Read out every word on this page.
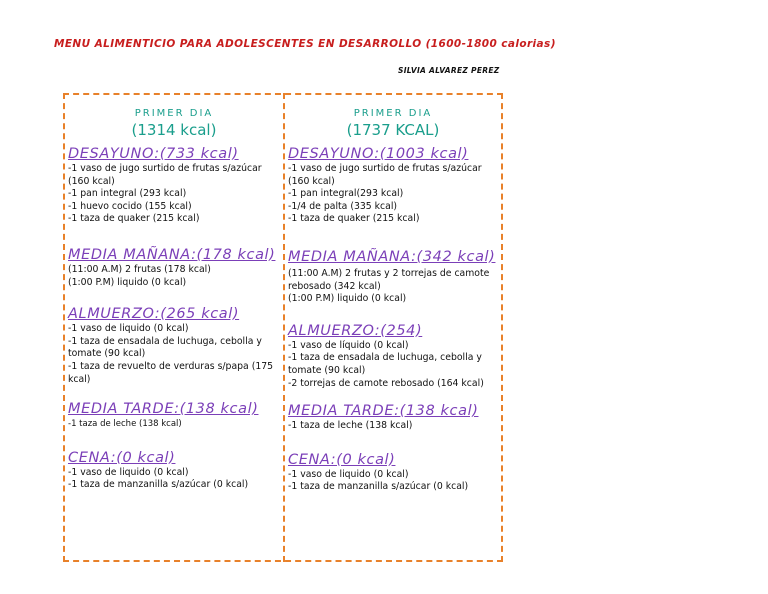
MENU ALIMENTICIO PARA ADOLESCENTES EN DESARROLLO (1600-1800 calorias)
SILVIA ALVAREZ PEREZ
PRIMER DIA
(1314 kcal)
DESAYUNO:(733 kcal)
-1 vaso de jugo surtido de frutas s/azúcar (160 kcal)
-1 pan integral (293 kcal)
-1 huevo cocido (155 kcal)
-1 taza de quaker (215 kcal)
MEDIA MAÑANA:(178 kcal)
(11:00 A.M) 2 frutas (178 kcal)
(1:00 P.M) liquido (0 kcal)
ALMUERZO:(265 kcal)
-1 vaso de liquido (0 kcal)
-1 taza de ensadala de luchuga, cebolla y tomate (90 kcal)
-1 taza de revuelto de verduras s/papa (175 kcal)
MEDIA TARDE:(138 kcal)
-1 taza de leche (138 kcal)
CENA:(0 kcal)
-1 vaso de liquido (0 kcal)
-1 taza de manzanilla s/azúcar (0 kcal)
PRIMER DIA
(1737 KCAL)
DESAYUNO:(1003 kcal)
-1 vaso de jugo surtido de frutas s/azúcar (160 kcal)
-1 pan integral(293 kcal)
-1/4 de palta (335 kcal)
-1 taza de quaker (215 kcal)
MEDIA MAÑANA:(342 kcal)
(11:00 A.M) 2 frutas y 2 torrejas de camote rebosado (342 kcal)
(1:00 P.M) liquido (0 kcal)
ALMUERZO:(254)
-1 vaso de líquido (0 kcal)
-1 taza de ensadala de luchuga, cebolla y tomate (90 kcal)
-2 torrejas de camote rebosado (164 kcal)
MEDIA TARDE:(138 kcal)
-1 taza de leche (138 kcal)
CENA:(0 kcal)
-1 vaso de liquido (0 kcal)
-1 taza de manzanilla s/azúcar (0 kcal)
